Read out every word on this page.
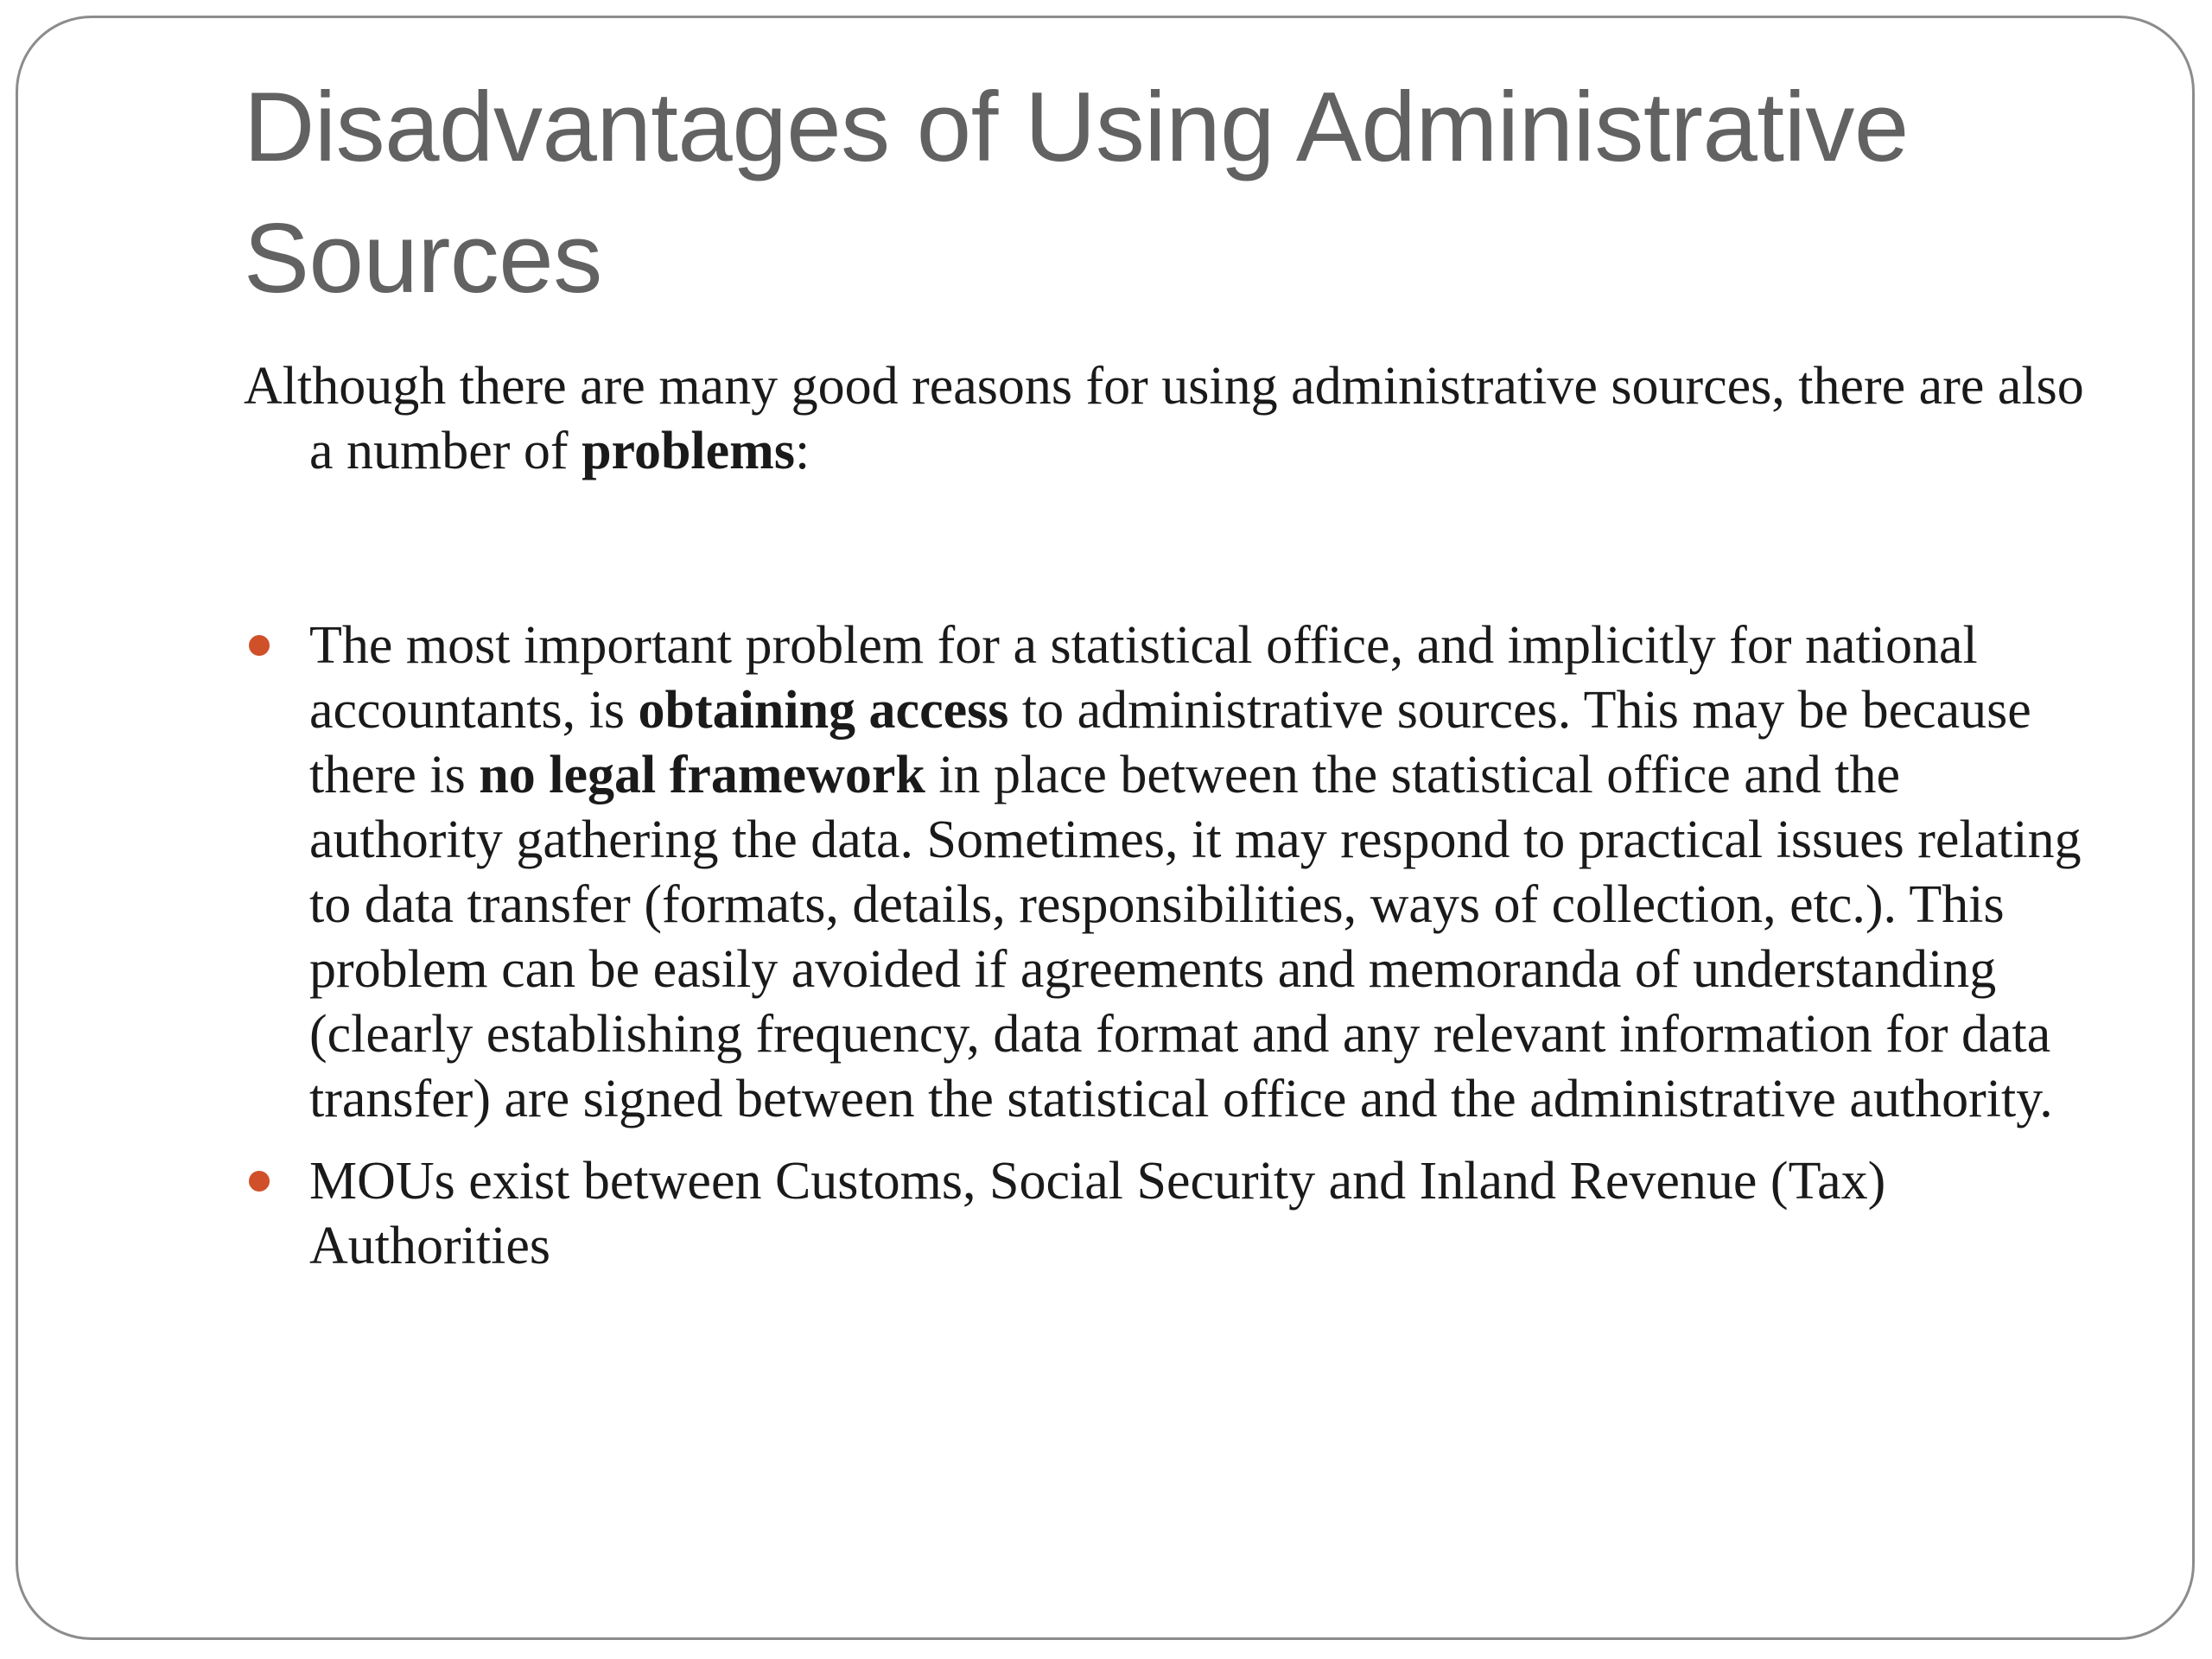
Disadvantages of Using Administrative Sources

Although there are many good reasons for using administrative sources, there are also a number of problems:

The most important problem for a statistical office, and implicitly for national accountants, is obtaining access to administrative sources. This may be because there is no legal framework in place between the statistical office and the authority gathering the data. Sometimes, it may respond to practical issues relating to data transfer (formats, details, responsibilities, ways of collection, etc.). This problem can be easily avoided if agreements and memoranda of understanding (clearly establishing frequency, data format and any relevant information for data transfer) are signed between the statistical office and the administrative authority.
MOUs exist between Customs, Social Security and Inland Revenue (Tax) Authorities
